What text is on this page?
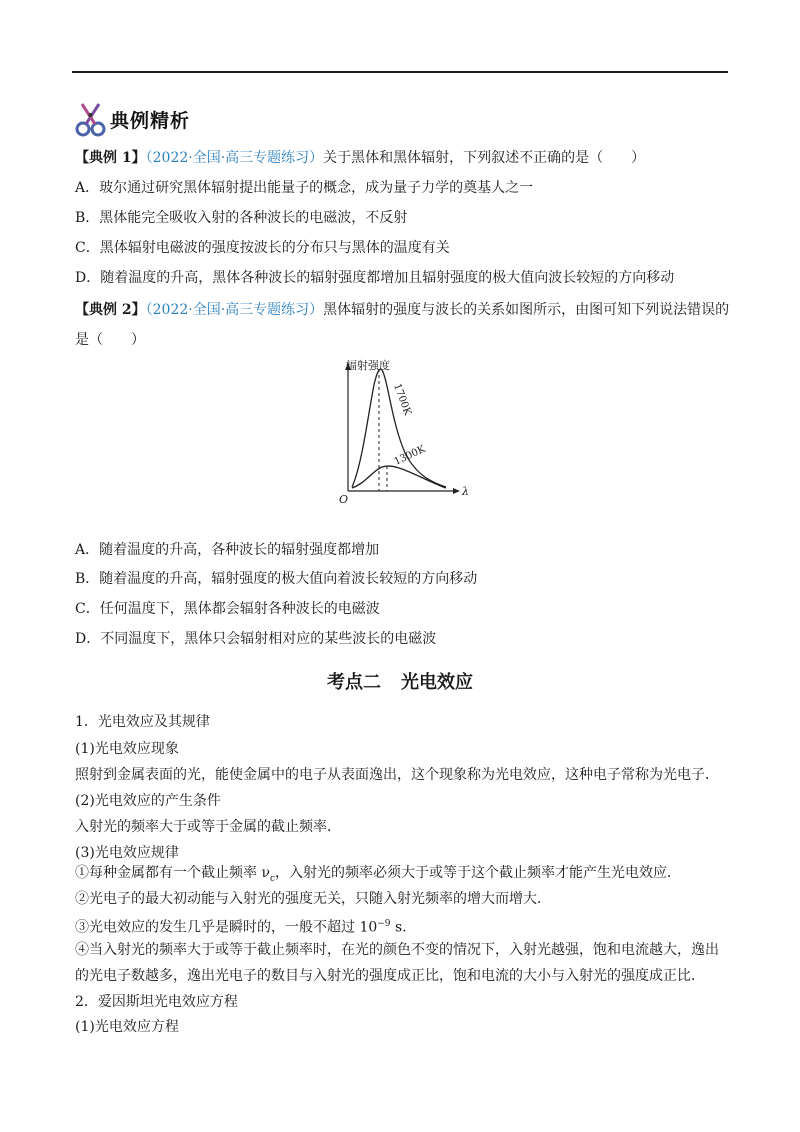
典例精析
【典例 1】（2022·全国·高三专题练习）关于黑体和黑体辐射，下列叙述不正确的是（　　）
A．玻尔通过研究黑体辐射提出能量子的概念，成为量子力学的奠基人之一
B．黑体能完全吸收入射的各种波长的电磁波，不反射
C．黑体辐射电磁波的强度按波长的分布只与黑体的温度有关
D．随着温度的升高，黑体各种波长的辐射强度都增加且辐射强度的极大值向波长较短的方向移动
【典例 2】（2022·全国·高三专题练习）黑体辐射的强度与波长的关系如图所示，由图可知下列说法错误的
是（　　）
辐射强度
λ
O
1700K
1300K
A．随着温度的升高，各种波长的辐射强度都增加
B．随着温度的升高，辐射强度的极大值向着波长较短的方向移动
C．任何温度下，黑体都会辐射各种波长的电磁波
D．不同温度下，黑体只会辐射相对应的某些波长的电磁波
考点二 光电效应
1．光电效应及其规律
(1)光电效应现象
照射到金属表面的光，能使金属中的电子从表面逸出，这个现象称为光电效应，这种电子常称为光电子．
(2)光电效应的产生条件
入射光的频率大于或等于金属的截止频率．
(3)光电效应规律
①每种金属都有一个截止频率 $\nu_c$，入射光的频率必须大于或等于这个截止频率才能产生光电效应．
②光电子的最大初动能与入射光的强度无关，只随入射光频率的增大而增大．
③光电效应的发生几乎是瞬时的，一般不超过 $10^{-9}$ s.
④当入射光的频率大于或等于截止频率时，在光的颜色不变的情况下，入射光越强，饱和电流越大，逸出
的光电子数越多，逸出光电子的数目与入射光的强度成正比，饱和电流的大小与入射光的强度成正比．
2．爱因斯坦光电效应方程
(1)光电效应方程
